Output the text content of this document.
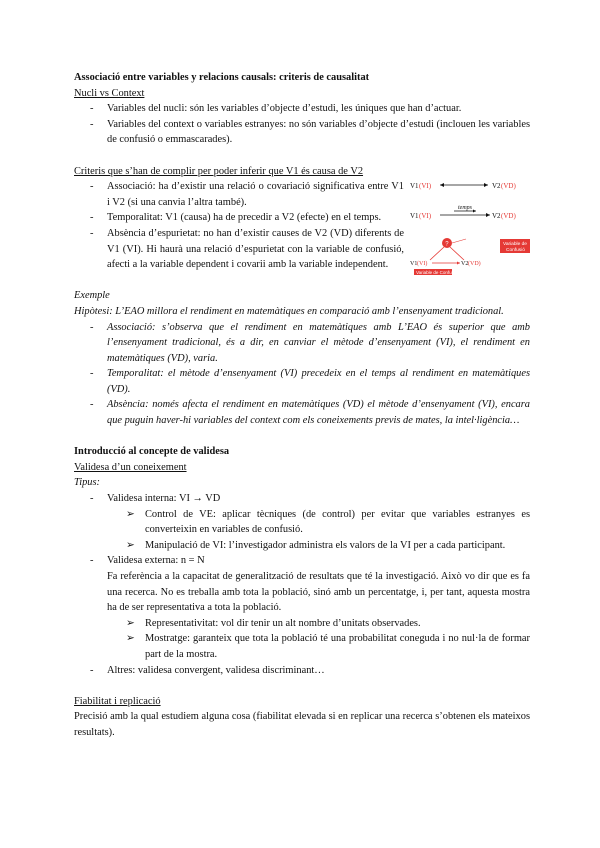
Associació entre variables y relacions causals: criteris de causalitat
Nucli vs Context
- Variables del nucli: són les variables d’objecte d’estudi, les úniques que han d’actuar.
- Variables del context o variables estranyes: no són variables d’objecte d’estudi (inclouen les variables de confusió o emmascarades).
Criteris que s’han de complir per poder inferir que V1 és causa de V2
- Associació: ha d’existir una relació o covariació significativa entre V1 i V2 (si una canvia l’altra també).
- Temporalitat: V1 (causa) ha de precedir a V2 (efecte) en el temps.
- Absència d’espurietat: no han d’existir causes de V2 (VD) diferents de V1 (VI). Hi haurà una relació d’espurietat con la variable de confusió, afecti a la variable dependent i covarii amb la variable independent.
V1 (VI)	V2 (VD)
temps
V1 (VI)	V2 (VD)
?
V1 (VI)	V2 (VD)
Variable de Confusió
Variable de
Confusió
Exemple
Hipòtesi: L’EAO millora el rendiment en matemàtiques en comparació amb l’ensenyament tradicional.
- Associació: s’observa que el rendiment en matemàtiques amb L’EAO és superior que amb l’ensenyament tradicional, és a dir, en canviar el mètode d’ensenyament (VI), el rendiment en matemàtiques (VD), varia.
- Temporalitat: el mètode d’ensenyament (VI) precedeix en el temps al rendiment en matemàtiques (VD).
- Absència: només afecta el rendiment en matemàtiques (VD) el mètode d’ensenyament (VI), encara que puguin haver-hi variables del context com els coneixements previs de mates, la intel·ligència…
Introducció al concepte de validesa
Validesa d’un coneixement
Tipus:
- Validesa interna: VI → VD
➢ Control de VE: aplicar tècniques (de control) per evitar que variables estranyes es converteixin en variables de confusió.
➢ Manipulació de VI: l’investigador administra els valors de la VI per a cada participant.
- Validesa externa: n = N
Fa referència a la capacitat de generalització de resultats que té la investigació. Això vo dir que es fa una recerca. No es treballa amb tota la població, sinó amb un percentatge, i, per tant, aquesta mostra ha de ser representativa a tota la població.
➢ Representativitat: vol dir tenir un alt nombre d’unitats observades.
➢ Mostratge: garanteix que tota la població té una probabilitat coneguda i no nul·la de formar part de la mostra.
- Altres: validesa convergent, validesa discriminant…
Fiabilitat i replicació
Precisió amb la qual estudiem alguna cosa (fiabilitat elevada si en replicar una recerca s’obtenen els mateixos resultats).
